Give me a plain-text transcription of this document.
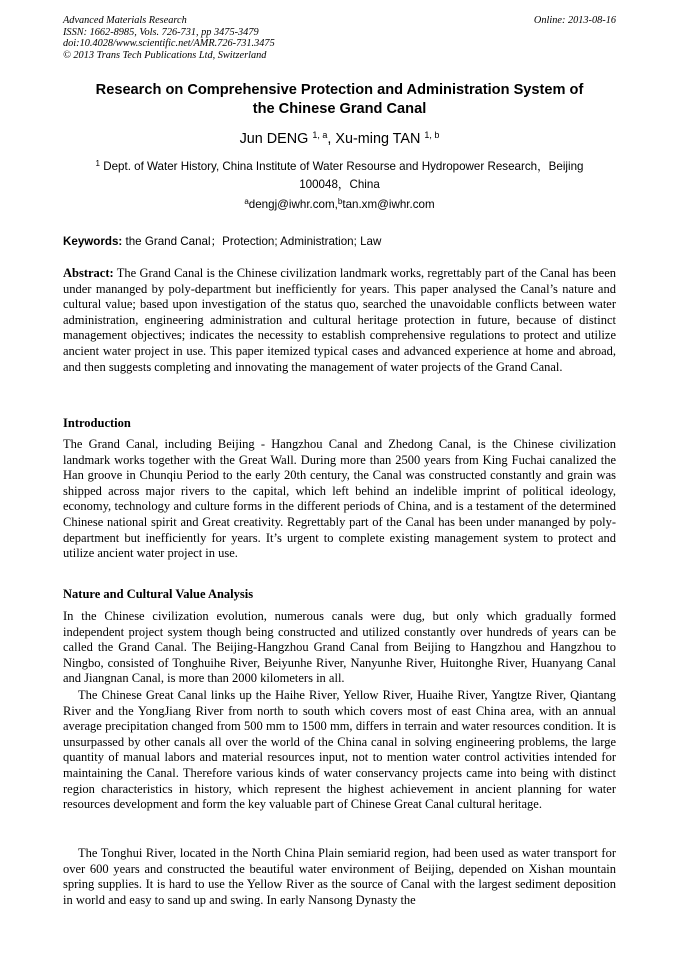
Advanced Materials Research
ISSN: 1662-8985, Vols. 726-731, pp 3475-3479
doi:10.4028/www.scientific.net/AMR.726-731.3475
© 2013 Trans Tech Publications Ltd, Switzerland
Online: 2013-08-16
Research on Comprehensive Protection and Administration System of
the Chinese Grand Canal
Jun DENG $^{1, a}$, Xu-ming TAN $^{1, b}$
$^1$ Dept. of Water History, China Institute of Water Resourse and Hydropower Research，Beijing
100048，China
$^a$dengj@iwhr.com,$^b$tan.xm@iwhr.com
Keywords: the Grand Canal；Protection; Administration; Law

Abstract: The Grand Canal is the Chinese civilization landmark works, regrettably part of the Canal has been under mananged by poly-department but inefficiently for years. This paper analysed the Canal’s nature and cultural value; based upon investigation of the status quo, searched the unavoidable conflicts between water administration, engineering administration and cultural heritage protection in future, because of distinct management objectives; indicates the necessity to establish comprehensive regulations to protect and utilize ancient water project in use. This paper itemized typical cases and advanced experience at home and abroad, and then suggests completing and innovating the management of water projects of the Grand Canal.

Introduction

The Grand Canal, including Beijing - Hangzhou Canal and Zhedong Canal, is the Chinese civilization landmark works together with the Great Wall. During more than 2500 years from King Fuchai canalized the Han groove in Chunqiu Period to the early 20th century, the Canal was constructed constantly and grain was shipped across major rivers to the capital, which left behind an indelible imprint of political ideology, economy, technology and culture forms in the different periods of China, and is a testament of the determined Chinese national spirit and Great creativity. Regrettably part of the Canal has been under mananged by poly-department but inefficiently for years. It’s urgent to complete existing management system to protect and utilize ancient water project in use.

Nature and Cultural Value Analysis

In the Chinese civilization evolution, numerous canals were dug, but only which gradually formed independent project system though being constructed and utilized constantly over hundreds of years can be called the Grand Canal. The Beijing-Hangzhou Grand Canal from Beijing to Hangzhou and Hangzhou to Ningbo, consisted of Tonghuihe River, Beiyunhe River, Nanyunhe River, Huitonghe River, Huanyang Canal and Jiangnan Canal, is more than 2000 kilometers in all.

The Chinese Great Canal links up the Haihe River, Yellow River, Huaihe River, Yangtze River, Qiantang River and the YongJiang River from north to south which covers most of east China area, with an annual average precipitation changed from 500 mm to 1500 mm, differs in terrain and water resources condition. It is unsurpassed by other canals all over the world of the China canal in solving engineering problems, the large quantity of manual labors and material resources input, not to mention water control activities intended for maintaining the Canal. Therefore various kinds of water conservancy projects came into being with distinct region characteristics in history, which represent the highest achievement in ancient planning for water resources development and form the key valuable part of Chinese Great Canal cultural heritage.

The Tonghui River, located in the North China Plain semiarid region, had been used as water transport for over 600 years and constructed the beautiful water environment of Beijing, depended on Xishan mountain spring supplies. It is hard to use the Yellow River as the source of Canal with the largest sediment deposition in world and easy to sand up and swing. In early Nansong Dynasty the
